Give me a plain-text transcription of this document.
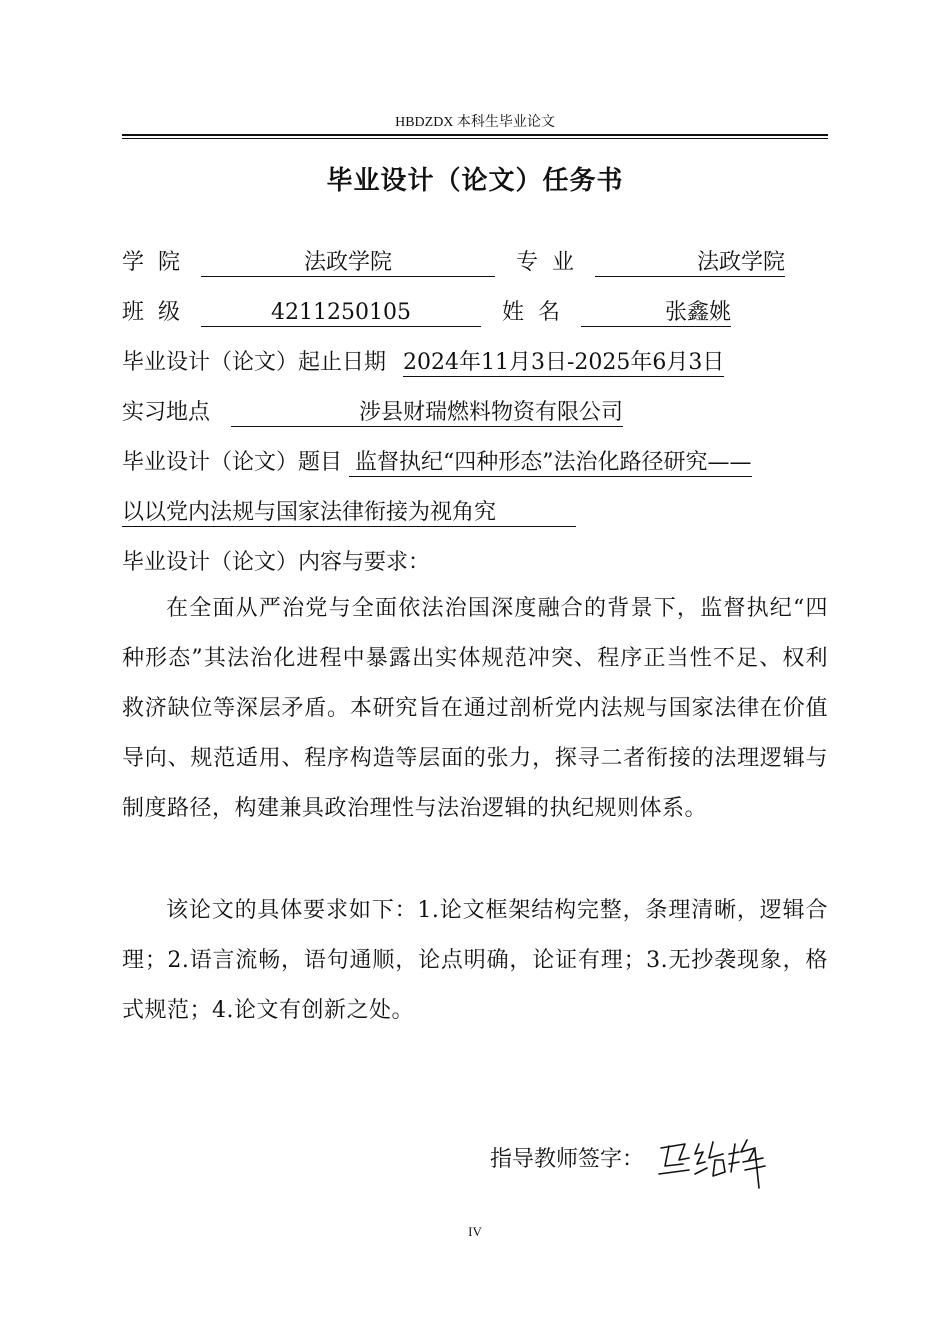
HBDZDX 本科生毕业论文
毕业设计（论文）任务书
学院	法政学院	专业	法政学院
班级	4211250105	姓名	张鑫姚
毕业设计（论文）起止日期 2024年11月3日-2025年6月3日
实习地点	涉县财瑞燃料物资有限公司
毕业设计（论文）题目 监督执纪“四种形态”法治化路径研究——
以以党内法规与国家法律衔接为视角究
毕业设计（论文）内容与要求：
在全面从严治党与全面依法治国深度融合的背景下，监督执纪“四种形态”其法治化进程中暴露出实体规范冲突、程序正当性不足、权利救济缺位等深层矛盾。本研究旨在通过剖析党内法规与国家法律在价值导向、规范适用、程序构造等层面的张力，探寻二者衔接的法理逻辑与制度路径，构建兼具政治理性与法治逻辑的执纪规则体系。
该论文的具体要求如下：1.论文框架结构完整，条理清晰，逻辑合理；2.语言流畅，语句通顺，论点明确，论证有理；3.无抄袭现象，格式规范；4.论文有创新之处。
指导教师签字：
IV
